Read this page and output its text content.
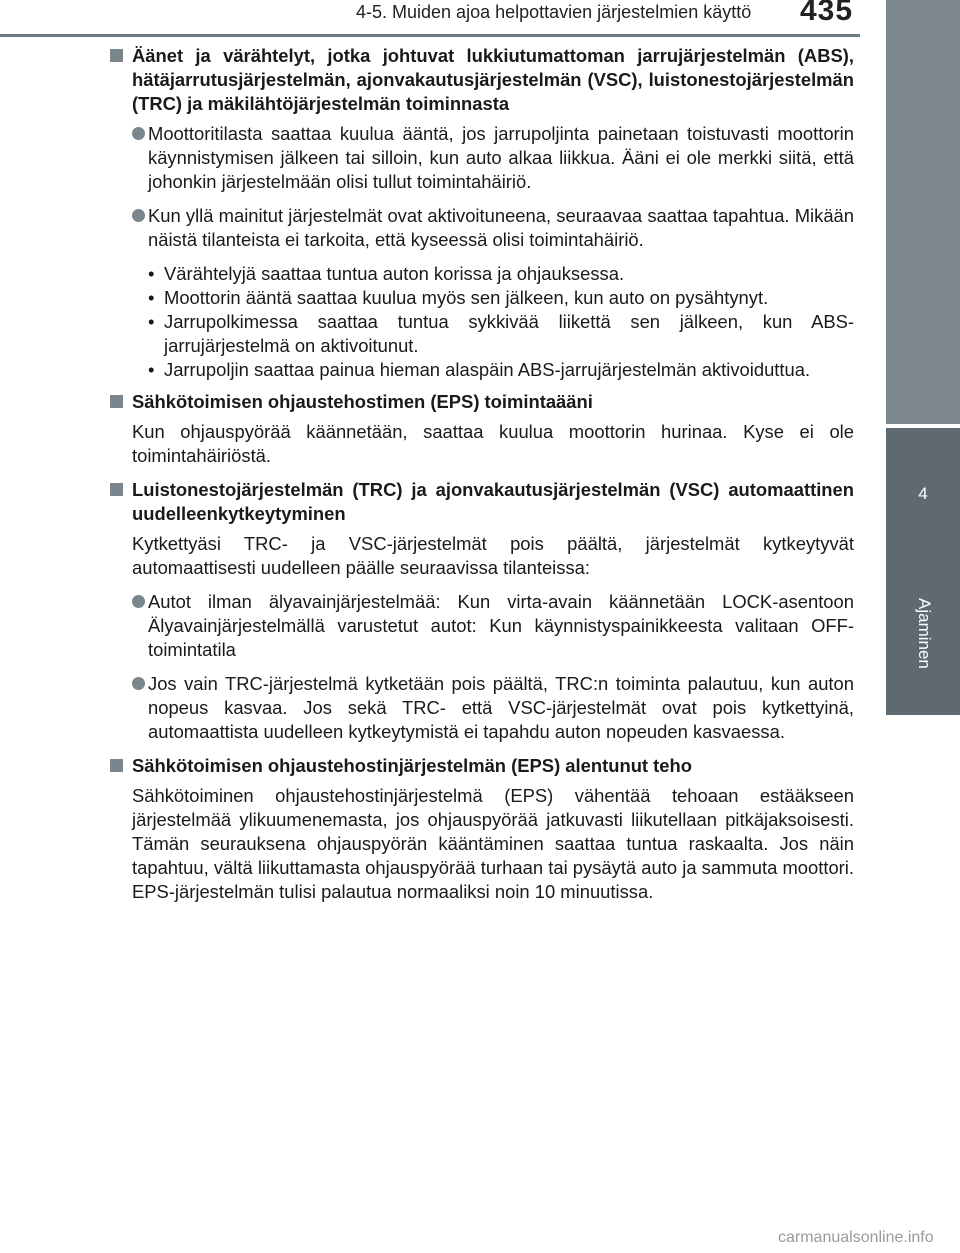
4-5. Muiden ajoa helpottavien järjestelmien käyttö 435
4
Ajaminen
Äänet ja värähtelyt, jotka johtuvat lukkiutumattoman jarrujärjestelmän (ABS), hätäjarrutusjärjestelmän, ajonvakautusjärjestelmän (VSC), luistonestojärjestelmän (TRC) ja mäkilähtöjärjestelmän toiminnasta
Moottoritilasta saattaa kuulua ääntä, jos jarrupoljinta painetaan toistuvasti moottorin käynnistymisen jälkeen tai silloin, kun auto alkaa liikkua. Ääni ei ole merkki siitä, että johonkin järjestelmään olisi tullut toimintahäiriö.
Kun yllä mainitut järjestelmät ovat aktivoituneena, seuraavaa saattaa tapahtua. Mikään näistä tilanteista ei tarkoita, että kyseessä olisi toimintahäiriö.
• Värähtelyjä saattaa tuntua auton korissa ja ohjauksessa.
• Moottorin ääntä saattaa kuulua myös sen jälkeen, kun auto on pysähtynyt.
• Jarrupolkimessa saattaa tuntua sykkivää liikettä sen jälkeen, kun ABS-jarrujärjestelmä on aktivoitunut.
• Jarrupoljin saattaa painua hieman alaspäin ABS-jarrujärjestelmän aktivoiduttua.
Sähkötoimisen ohjaustehostimen (EPS) toimintaääni
Kun ohjauspyörää käännetään, saattaa kuulua moottorin hurinaa. Kyse ei ole toimintahäiriöstä.
Luistonestojärjestelmän (TRC) ja ajonvakautusjärjestelmän (VSC) automaattinen uudelleenkytkeytyminen
Kytkettyäsi TRC- ja VSC-järjestelmät pois päältä, järjestelmät kytkeytyvät automaattisesti uudelleen päälle seuraavissa tilanteissa:
Autot ilman älyavainjärjestelmää: Kun virta-avain käännetään LOCK-asentoon Älyavainjärjestelmällä varustetut autot: Kun käynnistyspainikkeesta valitaan OFF-toimintatila
Jos vain TRC-järjestelmä kytketään pois päältä, TRC:n toiminta palautuu, kun auton nopeus kasvaa. Jos sekä TRC- että VSC-järjestelmät ovat pois kytkettyinä, automaattista uudelleen kytkeytymistä ei tapahdu auton nopeuden kasvaessa.
Sähkötoimisen ohjaustehostinjärjestelmän (EPS) alentunut teho
Sähkötoiminen ohjaustehostinjärjestelmä (EPS) vähentää tehoaan estääkseen järjestelmää ylikuumenemasta, jos ohjauspyörää jatkuvasti liikutellaan pitkäjaksoisesti. Tämän seurauksena ohjauspyörän kääntäminen saattaa tuntua raskaalta. Jos näin tapahtuu, vältä liikuttamasta ohjauspyörää turhaan tai pysäytä auto ja sammuta moottori. EPS-järjestelmän tulisi palautua normaaliksi noin 10 minuutissa.
carmanualsonline.info
